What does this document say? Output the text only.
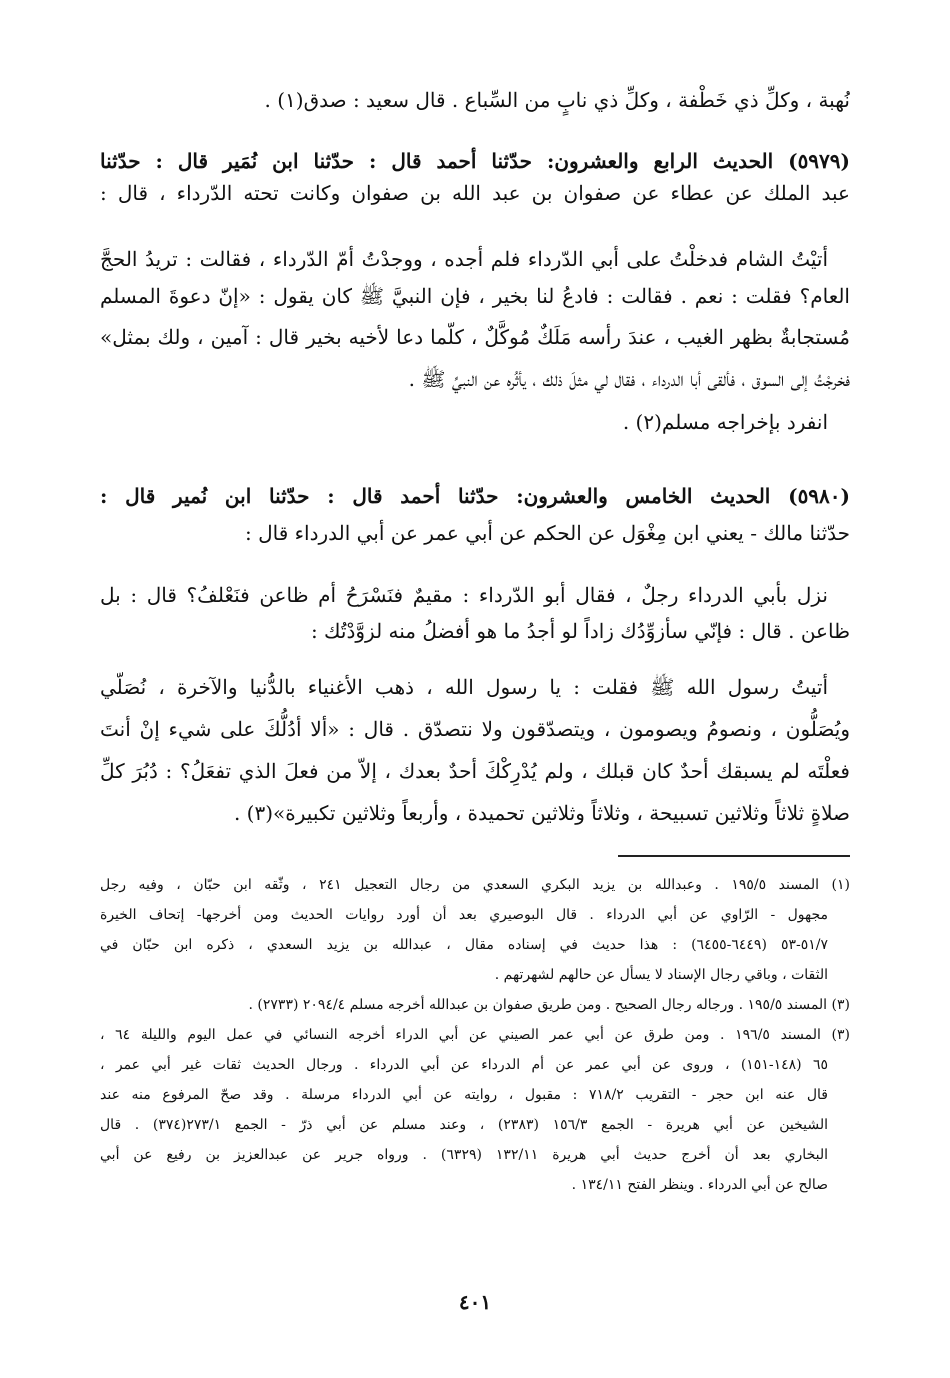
نُهبة ، وكلِّ ذي خَطْفة ، وكلِّ ذي نابٍ من السِّباع . قال سعيد : صدق(١) .
(٥٩٧٩) الحديث الرابع والعشرون: حدّثنا أحمد قال : حدّثنا ابن نُمَير قال : حدّثنا
عبد الملك عن عطاء عن صفوان بن عبد الله بن صفوان وكانت تحته الدّرداء ، قال :
أتيْتُ الشام فدخلْتُ على أبي الدّرداء فلم أجده ، ووجدْتُ أمّ الدّرداء ، فقالت : تريدُ الحجَّ
العام؟ فقلت : نعم . فقالت : فادعُ لنا بخير ، فإن النبيَّ ﷺ كان يقول : «إنّ دعوةَ المسلم
مُستجابةٌ بظهر الغيب ، عندَ رأسه مَلَكٌ مُوكَّلٌ ، كلّما دعا لأخيه بخير قال : آمين ، ولك بمثل»
فخرجْتُ إلى السوق ، فألقى أبا الدرداء ، فقال لي مثلَ ذلك ، يأثُره عن النبيِّ ﷺ .
انفرد بإخراجه مسلم(٢) .
(٥٩٨٠) الحديث الخامس والعشرون: حدّثنا أحمد قال : حدّثنا ابن نُمير قال :
حدّثنا مالك - يعني ابن مِغْوَل عن الحكم عن أبي عمر عن أبي الدرداء قال :
نزل بأبي الدرداء رجلٌ ، فقال أبو الدّرداء : مقيمٌ فنَسْرَحُ أم ظاعن فنَعْلفُ؟ قال : بل
ظاعن . قال : فإنّي سأزوِّدُك زاداً لو أجدُ ما هو أفضلُ منه لزوَّدْتُك :
أتيتُ رسول الله ﷺ فقلت : يا رسول الله ، ذهب الأغنياء بالدُّنيا والآخرة ، نُصَلّي
ويُصَلُّون ، ونصومُ ويصومون ، ويتصدّقون ولا نتصدّق . قال : «ألا أدُلُّكَ على شيء إنْ أنتَ
فعلْتَه لم يسبقك أحدٌ كان قبلك ، ولم يُدْرِكْكَ أحدٌ بعدك ، إلاّ من فعلَ الذي تفعَلُ؟ : دُبُرَ كلِّ
صلاةٍ ثلاثاً وثلاثين تسبيحة ، وثلاثاً وثلاثين تحميدة ، وأربعاً وثلاثين تكبيرة»(٣) .
(١) المسند ١٩٥/٥ . وعبدالله بن يزيد البكري السعدي من رجال التعجيل ٢٤١ ، وثّقه ابن حبّان ، وفيه رجل
مجهول - الرّاوي عن أبي الدرداء . قال البوصيري بعد أن أورد روايات الحديث ومن أخرجها- إتحاف الخيرة
٥١/٧-٥٣ (٦٤٤٩-٦٤٥٥) : هذا حديث في إسناده مقال ، عبدالله بن يزيد السعدي ، ذكره ابن حبّان في
الثقات ، وباقي رجال الإسناد لا يسأل عن حالهم لشهرتهم .
(٣) المسند ١٩٥/٥ . ورجاله رجال الصحيح . ومن طريق صفوان بن عبدالله أخرجه مسلم ٢٠٩٤/٤ (٢٧٣٣) .
(٣) المسند ١٩٦/٥ . ومن طرق عن أبي عمر الصيني عن أبي الدراء أخرجه النسائي في عمل اليوم والليلة ٦٤ ،
٦٥ (١٤٨-١٥١) ، وروى عن أبي عمر عن أم الدرداء عن أبي الدرداء . ورجال الحديث ثقات غير أبي عمر ،
قال عنه ابن حجر - التقريب ٧١٨/٢ : مقبول ، روايته عن أبي الدرداء مرسلة . وقد صحّ المرفوع منه عند
الشيخين عن أبي هريرة - الجمع ١٥٦/٣ (٢٣٨٣) ، وعند مسلم عن أبي ذرّ - الجمع ٢٧٣/١(٣٧٤) . قال
البخاري بعد أن أخرج حديث أبي هريرة ١٣٢/١١ (٦٣٢٩) . ورواه جرير عن عبدالعزيز بن رفيع عن أبي
صالح عن أبي الدرداء . وينظر الفتح ١٣٤/١١ .
٤٠١
